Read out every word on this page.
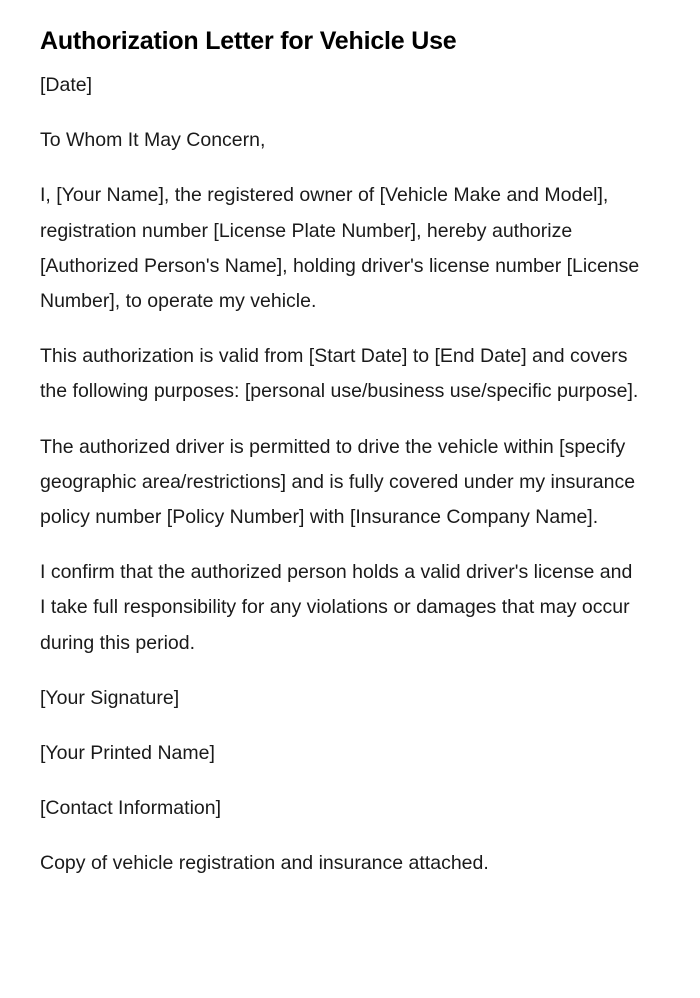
Authorization Letter for Vehicle Use

[Date]

To Whom It May Concern,

I, [Your Name], the registered owner of [Vehicle Make and Model], registration number [License Plate Number], hereby authorize [Authorized Person's Name], holding driver's license number [License Number], to operate my vehicle.

This authorization is valid from [Start Date] to [End Date] and covers the following purposes: [personal use/business use/specific purpose].

The authorized driver is permitted to drive the vehicle within [specify geographic area/restrictions] and is fully covered under my insurance policy number [Policy Number] with [Insurance Company Name].

I confirm that the authorized person holds a valid driver's license and I take full responsibility for any violations or damages that may occur during this period.

[Your Signature]

[Your Printed Name]

[Contact Information]

Copy of vehicle registration and insurance attached.
